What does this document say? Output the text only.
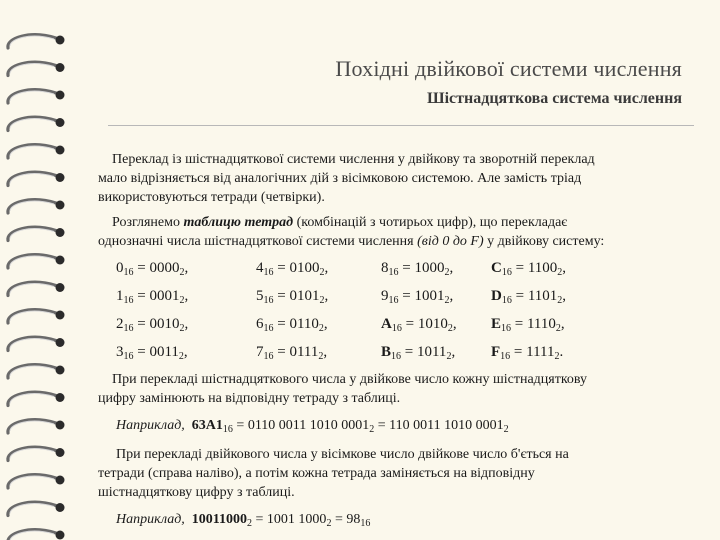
Похідні двійкової системи числення
Шістнадцяткова система числення
Переклад із шістнадцяткової системи числення у двійкову та зворотній переклад
мало відрізняється від аналогічних дій з вісімковою системою. Але замість тріад
використовуються тетради (четвірки).
Розглянемо таблицю тетрад (комбінацій з чотирьох цифр), що перекладає
однозначні числа шістнадцяткової системи числення (від 0 до F) у двійкову систему:
$0_{16} = 0000_2$,	$4_{16} = 0100_2$,	$8_{16} = 1000_2$,	$C_{16} = 1100_2$,
$1_{16} = 0001_2$,	$5_{16} = 0101_2$,	$9_{16} = 1001_2$,	$D_{16} = 1101_2$,
$2_{16} = 0010_2$,	$6_{16} = 0110_2$,	$A_{16} = 1010_2$,	$E_{16} = 1110_2$,
$3_{16} = 0011_2$,	$7_{16} = 0111_2$,	$B_{16} = 1011_2$,	$F_{16} = 1111_2$.
При перекладі шістнадцяткового числа у двійкове число кожну шістнадцяткову
цифру замінюють на відповідну тетраду з таблиці.
Наприклад, $63А1_{16} = 0110$ 0011 1010 $0001_2 = 110$ 0011 1010 $0001_2$
При перекладі двійкового числа у вісімкове число двійкове число б'ється на
тетради (справа наліво), а потім кожна тетрада заміняється на відповідну
шістнадцяткову цифру з таблиці.
Наприклад, $10011000_2 = 1001$ $1000_2 = 98_{16}$
